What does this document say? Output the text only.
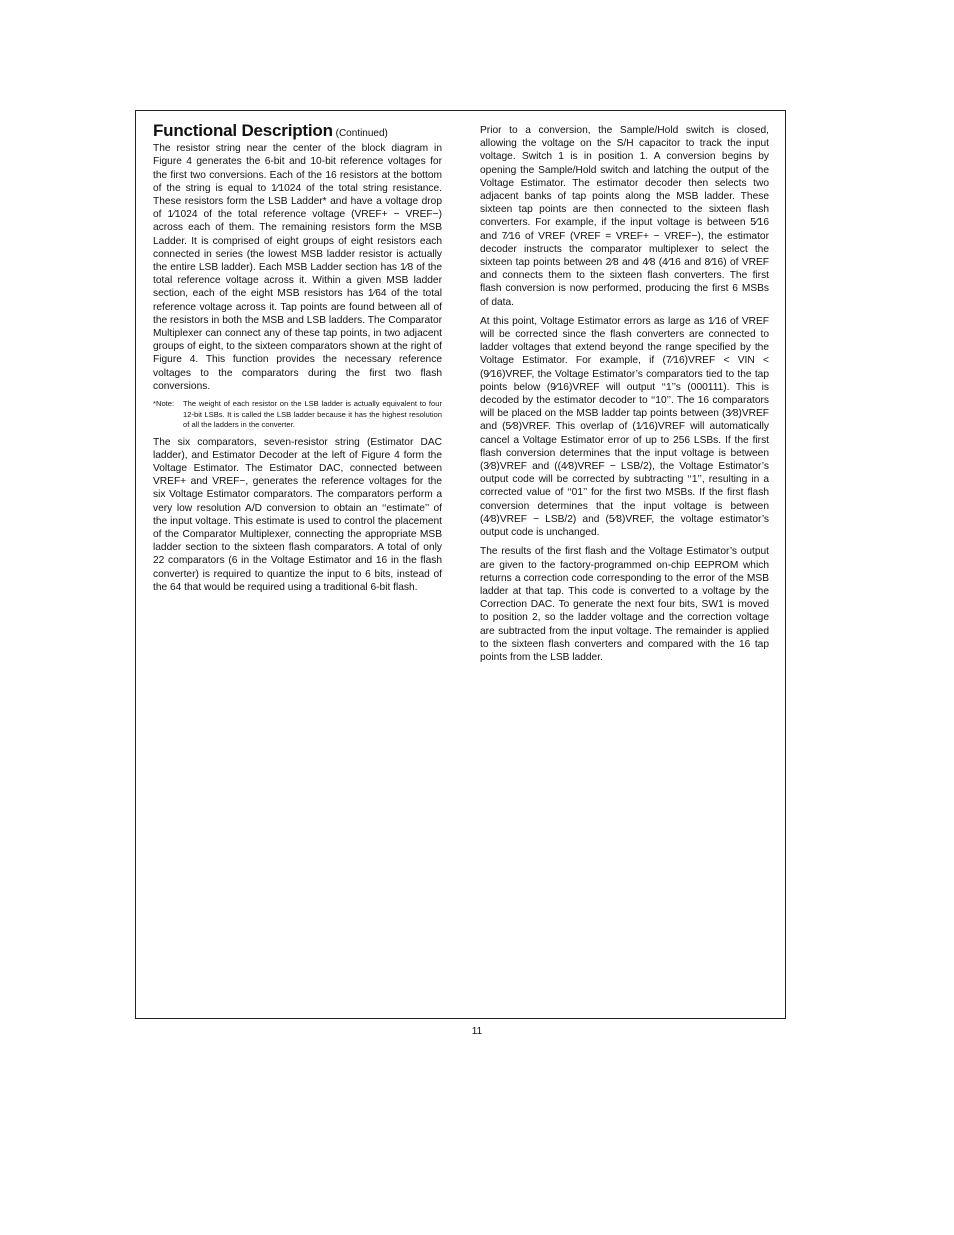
Functional Description (Continued)

The resistor string near the center of the block diagram in Figure 4 generates the 6-bit and 10-bit reference voltages for the first two conversions. Each of the 16 resistors at the bottom of the string is equal to 1⁄1024 of the total string resistance. These resistors form the LSB Ladder* and have a voltage drop of 1⁄1024 of the total reference voltage (VREF+ − VREF−) across each of them. The remaining resistors form the MSB Ladder. It is comprised of eight groups of eight resistors each connected in series (the lowest MSB ladder resistor is actually the entire LSB ladder). Each MSB Ladder section has 1⁄8 of the total reference voltage across it. Within a given MSB ladder section, each of the eight MSB resistors has 1⁄64 of the total reference voltage across it. Tap points are found between all of the resistors in both the MSB and LSB ladders. The Comparator Multiplexer can connect any of these tap points, in two adjacent groups of eight, to the sixteen comparators shown at the right of Figure 4. This function provides the necessary reference voltages to the comparators during the first two flash conversions.

*Note: The weight of each resistor on the LSB ladder is actually equivalent to four 12-bit LSBs. It is called the LSB ladder because it has the highest resolution of all the ladders in the converter.

The six comparators, seven-resistor string (Estimator DAC ladder), and Estimator Decoder at the left of Figure 4 form the Voltage Estimator. The Estimator DAC, connected between VREF+ and VREF−, generates the reference voltages for the six Voltage Estimator comparators. The comparators perform a very low resolution A/D conversion to obtain an ‘‘estimate’’ of the input voltage. This estimate is used to control the placement of the Comparator Multiplexer, connecting the appropriate MSB ladder section to the sixteen flash comparators. A total of only 22 comparators (6 in the Voltage Estimator and 16 in the flash converter) is required to quantize the input to 6 bits, instead of the 64 that would be required using a traditional 6-bit flash.

Prior to a conversion, the Sample/Hold switch is closed, allowing the voltage on the S/H capacitor to track the input voltage. Switch 1 is in position 1. A conversion begins by opening the Sample/Hold switch and latching the output of the Voltage Estimator. The estimator decoder then selects two adjacent banks of tap points along the MSB ladder. These sixteen tap points are then connected to the sixteen flash converters. For example, if the input voltage is between 5⁄16 and 7⁄16 of VREF (VREF = VREF+ − VREF−), the estimator decoder instructs the comparator multiplexer to select the sixteen tap points between 2⁄8 and 4⁄8 (4⁄16 and 8⁄16) of VREF and connects them to the sixteen flash converters. The first flash conversion is now performed, producing the first 6 MSBs of data.

At this point, Voltage Estimator errors as large as 1⁄16 of VREF will be corrected since the flash converters are connected to ladder voltages that extend beyond the range specified by the Voltage Estimator. For example, if (7⁄16)VREF < VIN < (9⁄16)VREF, the Voltage Estimator’s comparators tied to the tap points below (9⁄16)VREF will output ‘‘1’’s (000111). This is decoded by the estimator decoder to ‘‘10’’. The 16 comparators will be placed on the MSB ladder tap points between (3⁄8)VREF and (5⁄8)VREF. This overlap of (1⁄16)VREF will automatically cancel a Voltage Estimator error of up to 256 LSBs. If the first flash conversion determines that the input voltage is between (3⁄8)VREF and ((4⁄8)VREF − LSB/2), the Voltage Estimator’s output code will be corrected by subtracting ‘‘1’’, resulting in a corrected value of ‘‘01’’ for the first two MSBs. If the first flash conversion determines that the input voltage is between (4⁄8)VREF − LSB/2) and (5⁄8)VREF, the voltage estimator’s output code is unchanged.

The results of the first flash and the Voltage Estimator’s output are given to the factory-programmed on-chip EEPROM which returns a correction code corresponding to the error of the MSB ladder at that tap. This code is converted to a voltage by the Correction DAC. To generate the next four bits, SW1 is moved to position 2, so the ladder voltage and the correction voltage are subtracted from the input voltage. The remainder is applied to the sixteen flash converters and compared with the 16 tap points from the LSB ladder.

11
